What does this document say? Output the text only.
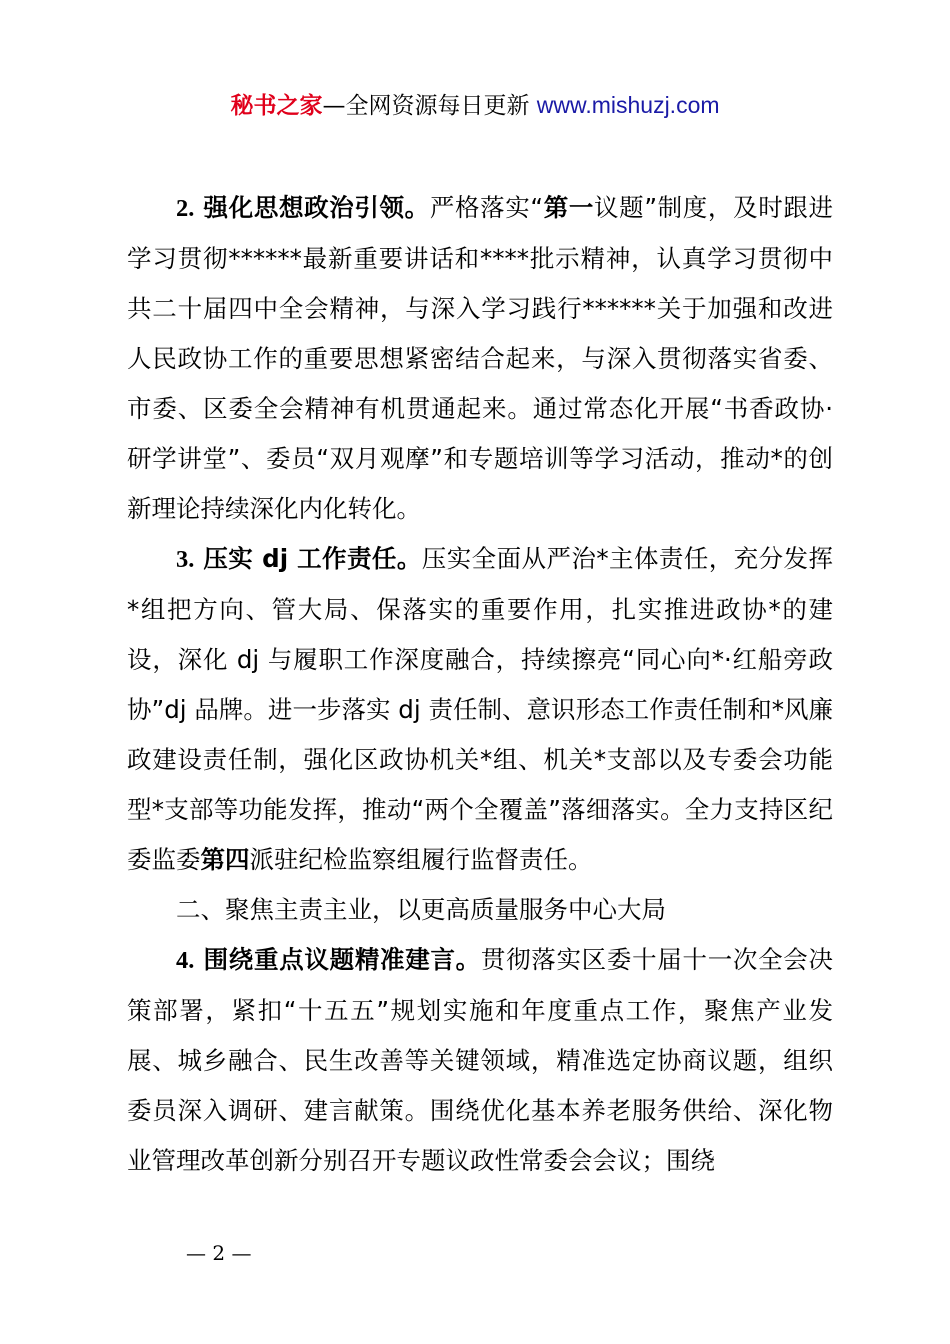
秘书之家—全网资源每日更新 www.mishuzj.com

2. 强化思想政治引领。严格落实“第一议题”制度，及时跟进学习贯彻******最新重要讲话和****批示精神，认真学习贯彻中共二十届四中全会精神，与深入学习践行******关于加强和改进人民政协工作的重要思想紧密结合起来，与深入贯彻落实省委、市委、区委全会精神有机贯通起来。通过常态化开展“书香政协·研学讲堂”、委员“双月观摩”和专题培训等学习活动，推动*的创新理论持续深化内化转化。

3. 压实 dj 工作责任。压实全面从严治*主体责任，充分发挥*组把方向、管大局、保落实的重要作用，扎实推进政协*的建设，深化 dj 与履职工作深度融合，持续擦亮“同心向*·红船旁政协”dj 品牌。进一步落实 dj 责任制、意识形态工作责任制和*风廉政建设责任制，强化区政协机关*组、机关*支部以及专委会功能型*支部等功能发挥，推动“两个全覆盖”落细落实。全力支持区纪委监委第四派驻纪检监察组履行监督责任。

二、聚焦主责主业，以更高质量服务中心大局

4. 围绕重点议题精准建言。贯彻落实区委十届十一次全会决策部署，紧扣“十五五”规划实施和年度重点工作，聚焦产业发展、城乡融合、民生改善等关键领域，精准选定协商议题，组织委员深入调研、建言献策。围绕优化基本养老服务供给、深化物业管理改革创新分别召开专题议政性常委会会议；围绕

— 2 —
